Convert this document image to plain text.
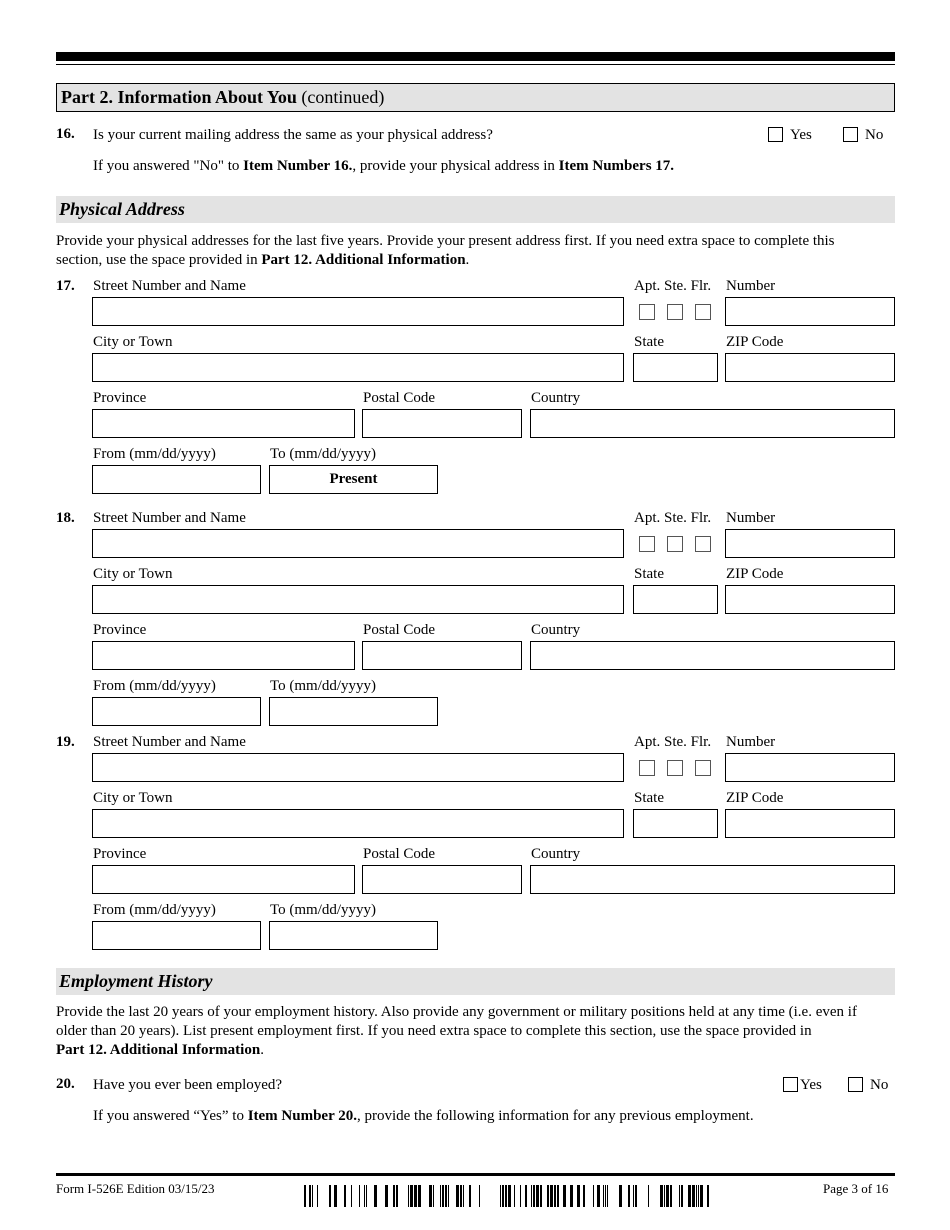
Part 2. Information About You (continued)
16. Is your current mailing address the same as your physical address?	Yes	No
If you answered "No" to Item Number 16., provide your physical address in Item Numbers 17.
Physical Address
Provide your physical addresses for the last five years. Provide your present address first. If you need extra space to complete this
section, use the space provided in Part 12. Additional Information.
17. Street Number and Name	Apt. Ste. Flr. Number
City or Town	State	ZIP Code
Province	Postal Code	Country
From (mm/dd/yyyy)	To (mm/dd/yyyy)
Present
18. Street Number and Name	Apt. Ste. Flr. Number
City or Town	State	ZIP Code
Province	Postal Code	Country
From (mm/dd/yyyy)	To (mm/dd/yyyy)
19. Street Number and Name	Apt. Ste. Flr. Number
City or Town	State	ZIP Code
Province	Postal Code	Country
From (mm/dd/yyyy)	To (mm/dd/yyyy)
Employment History
Provide the last 20 years of your employment history. Also provide any government or military positions held at any time (i.e. even if
older than 20 years). List present employment first. If you need extra space to complete this section, use the space provided in
Part 12. Additional Information.
20. Have you ever been employed?	Yes	No
If you answered “Yes” to Item Number 20., provide the following information for any previous employment.
Form I-526E Edition 03/15/23	Page 3 of 16
